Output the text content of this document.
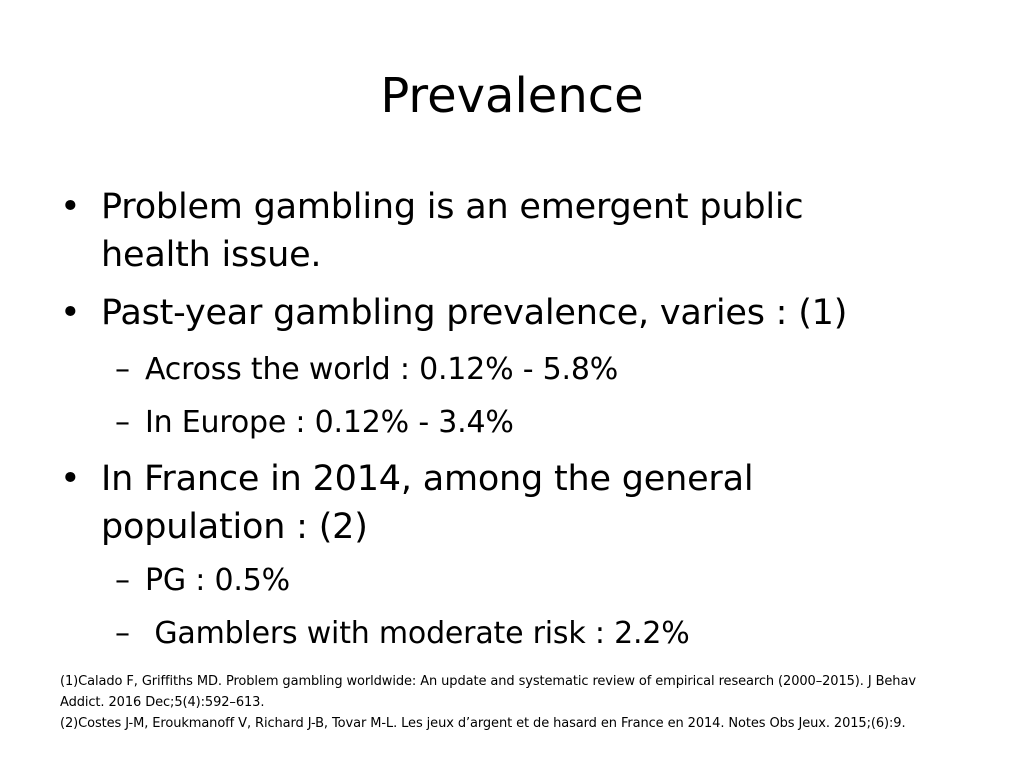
Prevalence
• Problem gambling is an emergent public
health issue.
• Past-year gambling prevalence, varies : (1)
– Across the world : 0.12% - 5.8%
– In Europe : 0.12% - 3.4%
• In France in 2014, among the general
population : (2)
– PG : 0.5%
– Gamblers with moderate risk : 2.2%
(1)Calado F, Griffiths MD. Problem gambling worldwide: An update and systematic review of empirical research (2000–2015). J Behav
Addict. 2016 Dec;5(4):592–613.
(2)Costes J-M, Eroukmanoff V, Richard J-B, Tovar M-L. Les jeux d’argent et de hasard en France en 2014. Notes Obs Jeux. 2015;(6):9.
